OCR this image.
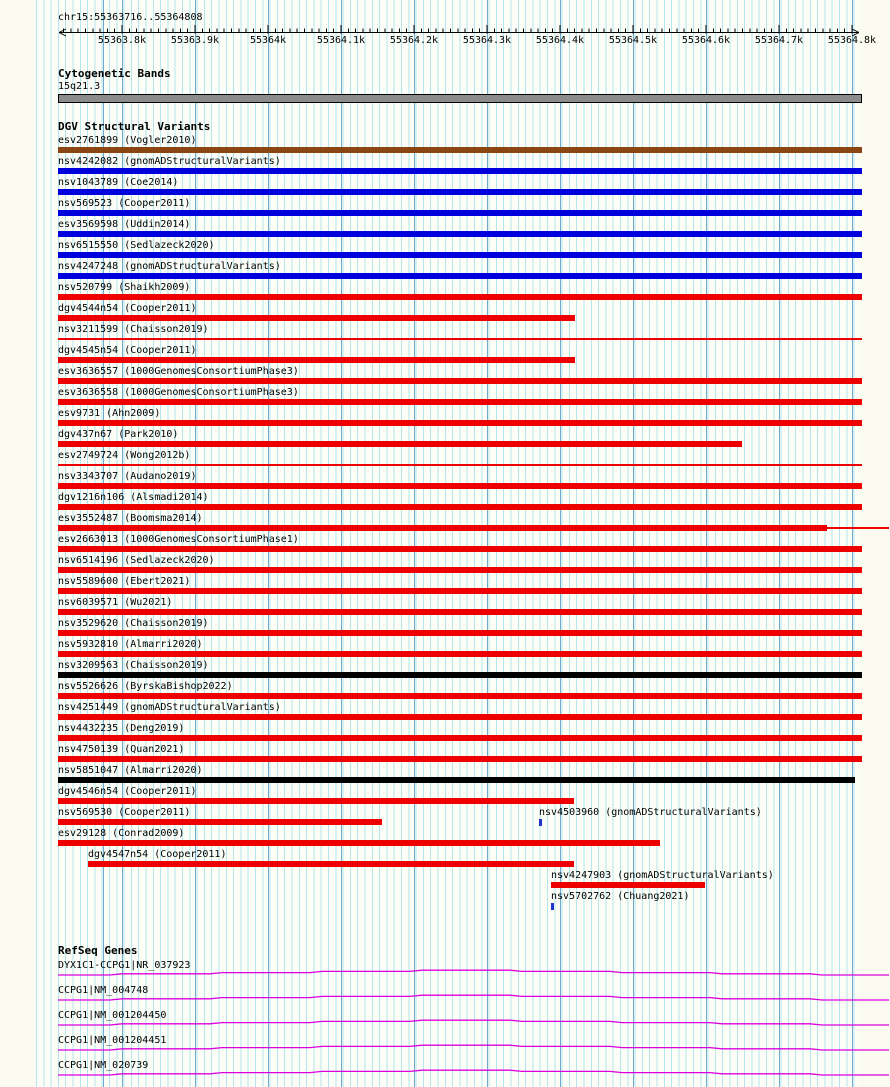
chr15:55363716..55364808
55363.8k 55363.9k	55364k	55364.1k 55364.2k 55364.3k 55364.4k 55364.5k 55364.6k 55364.7k 55364.8k
Cytogenetic Bands
15q21.3
DGV Structural Variants
esv2761899 (Vogler2010)
nsv4242082 (gnomADStructuralVariants)
nsv1043789 (Coe2014)
nsv569523 (Cooper2011)
esv3569598 (Uddin2014)
nsv6515550 (Sedlazeck2020)
nsv4247248 (gnomADStructuralVariants)
nsv520799 (Shaikh2009)
dgv4544n54 (Cooper2011)
nsv3211599 (Chaisson2019)
dgv4545n54 (Cooper2011)
esv3636557 (1000GenomesConsortiumPhase3)
esv3636558 (1000GenomesConsortiumPhase3)
esv9731 (Ahn2009)
dgv437n67 (Park2010)
esv2749724 (Wong2012b)
nsv3343707 (Audano2019)
dgv1216n106 (Alsmadi2014)
esv3552487 (Boomsma2014)
esv2663013 (1000GenomesConsortiumPhase1)
nsv6514196 (Sedlazeck2020)
nsv5589600 (Ebert2021)
nsv6039571 (Wu2021)
nsv3529620 (Chaisson2019)
nsv5932810 (Almarri2020)
nsv3209563 (Chaisson2019)
nsv5526626 (ByrskaBishop2022)
nsv4251449 (gnomADStructuralVariants)
nsv4432235 (Deng2019)
nsv4750139 (Quan2021)
nsv5851047 (Almarri2020)
dgv4546n54 (Cooper2011)
nsv569530 (Cooper2011)	nsv4503960 (gnomADStructuralVariants)
esv29128 (Conrad2009)
dgv4547n54 (Cooper2011)
nsv4247903 (gnomADStructuralVariants)
nsv5702762 (Chuang2021)
RefSeq Genes
DYX1C1-CCPG1|NR_037923
CCPG1|NM_004748
CCPG1|NM_001204450
CCPG1|NM_001204451
CCPG1|NM_020739
